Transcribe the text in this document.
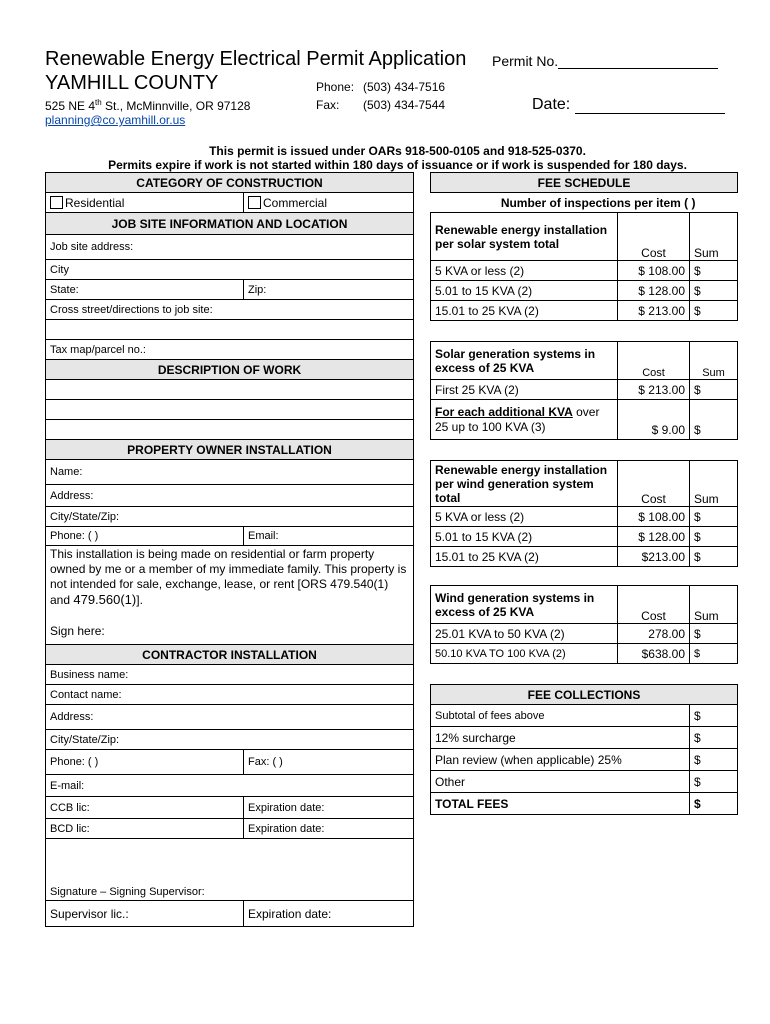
Renewable Energy Electrical Permit Application
YAMHILL COUNTY
525 NE 4th St., McMinnville, OR 97128
planning@co.yamhill.or.us
Phone: (503) 434-7516
Fax: (503) 434-7544
Permit No.
Date:
This permit is issued under OARs 918-500-0105 and 918-525-0370.
Permits expire if work is not started within 180 days of issuance or if work is suspended for 180 days.
CATEGORY OF CONSTRUCTION	
Residential	Commercial
JOB SITE INFORMATION AND LOCATION	
Job site address:	
City	
State:	Zip:
Cross street/directions to job site:	

Tax map/parcel no.:	
DESCRIPTION OF WORK	

PROPERTY OWNER INSTALLATION	
Name:	
Address:	
City/State/Zip:	
Phone: ( )	Email:

This installation is being made on residential or farm property owned by me or a member of my immediate family. This property is not intended for sale, exchange, lease, or rent [ORS 479.540(1) and 479.560(1)].
Sign here:	

CONTRACTOR INSTALLATION	
Business name:	
Contact name:	
Address:	
City/State/Zip:	
Phone: ( )	Fax: ( )
E-mail:	
CCB lic:	Expiration date:
BCD lic:	Expiration date:
Signature – Signing Supervisor:	
Supervisor lic.:	Expiration date:
FEE SCHEDULE		
Number of inspections per item ( )		
Renewable energy installation per solar system total	Cost	Sum
5 KVA or less (2)	$ 108.00	$
5.01 to 15 KVA (2)	$ 128.00	$
15.01 to 25 KVA (2)	$ 213.00	$
Solar generation systems in excess of 25 KVA	Cost	Sum
First 25 KVA (2)	$ 213.00	$

For each additional KVA over
25 up to 100 KVA (3)	$ 9.00	$
Renewable energy installation per wind generation system total	Cost	Sum
5 KVA or less (2)	$ 108.00	$
5.01 to 15 KVA (2)	$ 128.00	$
15.01 to 25 KVA (2)	$213.00	$
Wind generation systems in excess of 25 KVA	Cost	Sum
25.01 KVA to 50 KVA (2)	278.00	$
50.10 KVA TO 100 KVA (2)	$638.00	$
FEE COLLECTIONS	
Subtotal of fees above	$
12% surcharge	$
Plan review (when applicable) 25%	$
Other	$
TOTAL FEES	$
